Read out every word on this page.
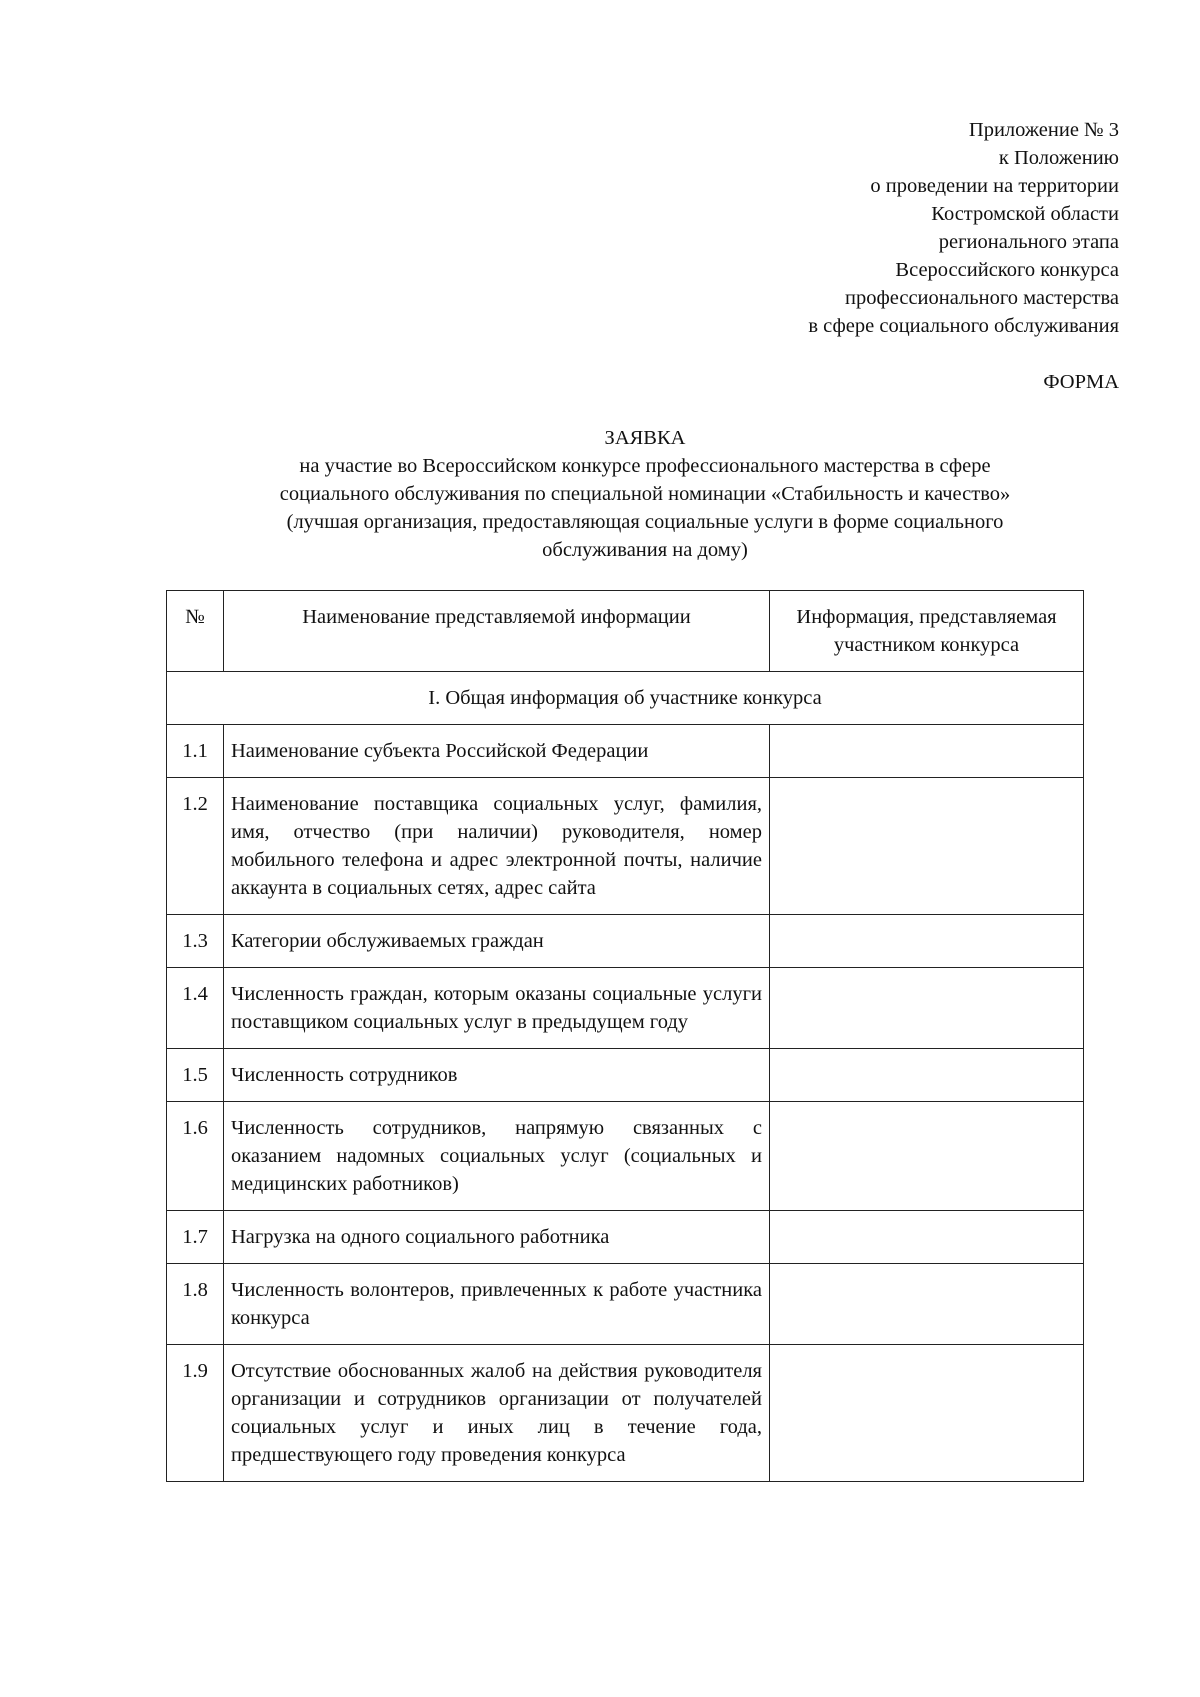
Приложение № 3
к Положению
о проведении на территории
Костромской области
регионального этапа
Всероссийского конкурса
профессионального мастерства
в сфере социального обслуживания
ФОРМА
ЗАЯВКА
на участие во Всероссийском конкурсе профессионального мастерства в сфере
социального обслуживания по специальной номинации «Стабильность и качество»
(лучшая организация, предоставляющая социальные услуги в форме социального
обслуживания на дому)
№	Наименование представляемой информации	Информация, представляемая участником конкурса
I. Общая информация об участнике конкурса		
1.1	Наименование субъекта Российской Федерации	
1.2	Наименование поставщика социальных услуг, фамилия, имя, отчество (при наличии) руководителя, номер мобильного телефона и адрес электронной почты, наличие аккаунта в социальных сетях, адрес сайта	
1.3	Категории обслуживаемых граждан	
1.4	Численность граждан, которым оказаны социальные услуги поставщиком социальных услуг в предыдущем году	
1.5	Численность сотрудников	
1.6	Численность сотрудников, напрямую связанных с оказанием надомных социальных услуг (социальных и медицинских работников)	
1.7	Нагрузка на одного социального работника	
1.8	Численность волонтеров, привлеченных к работе участника конкурса	
1.9	Отсутствие обоснованных жалоб на действия руководителя организации и сотрудников организации от получателей социальных услуг и иных лиц в течение года, предшествующего году проведения конкурса	
